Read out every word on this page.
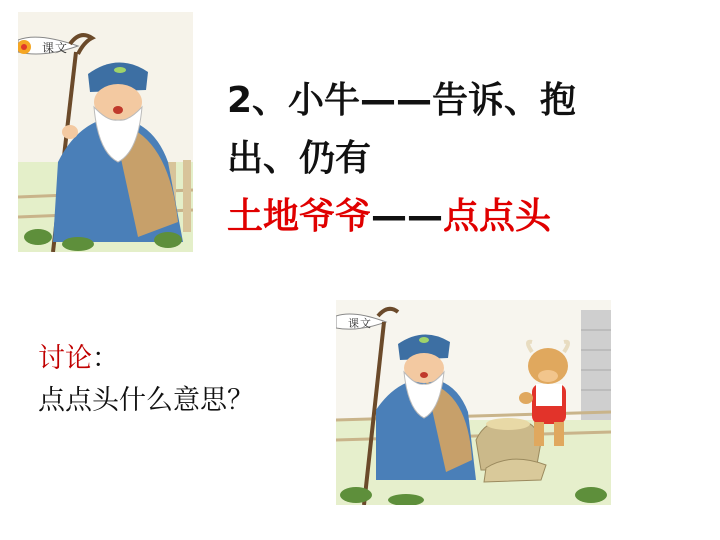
课文
2、小牛——告诉、抱
出、仍有
土地爷爷——点点头
讨论：
点点头什么意思？
课文
